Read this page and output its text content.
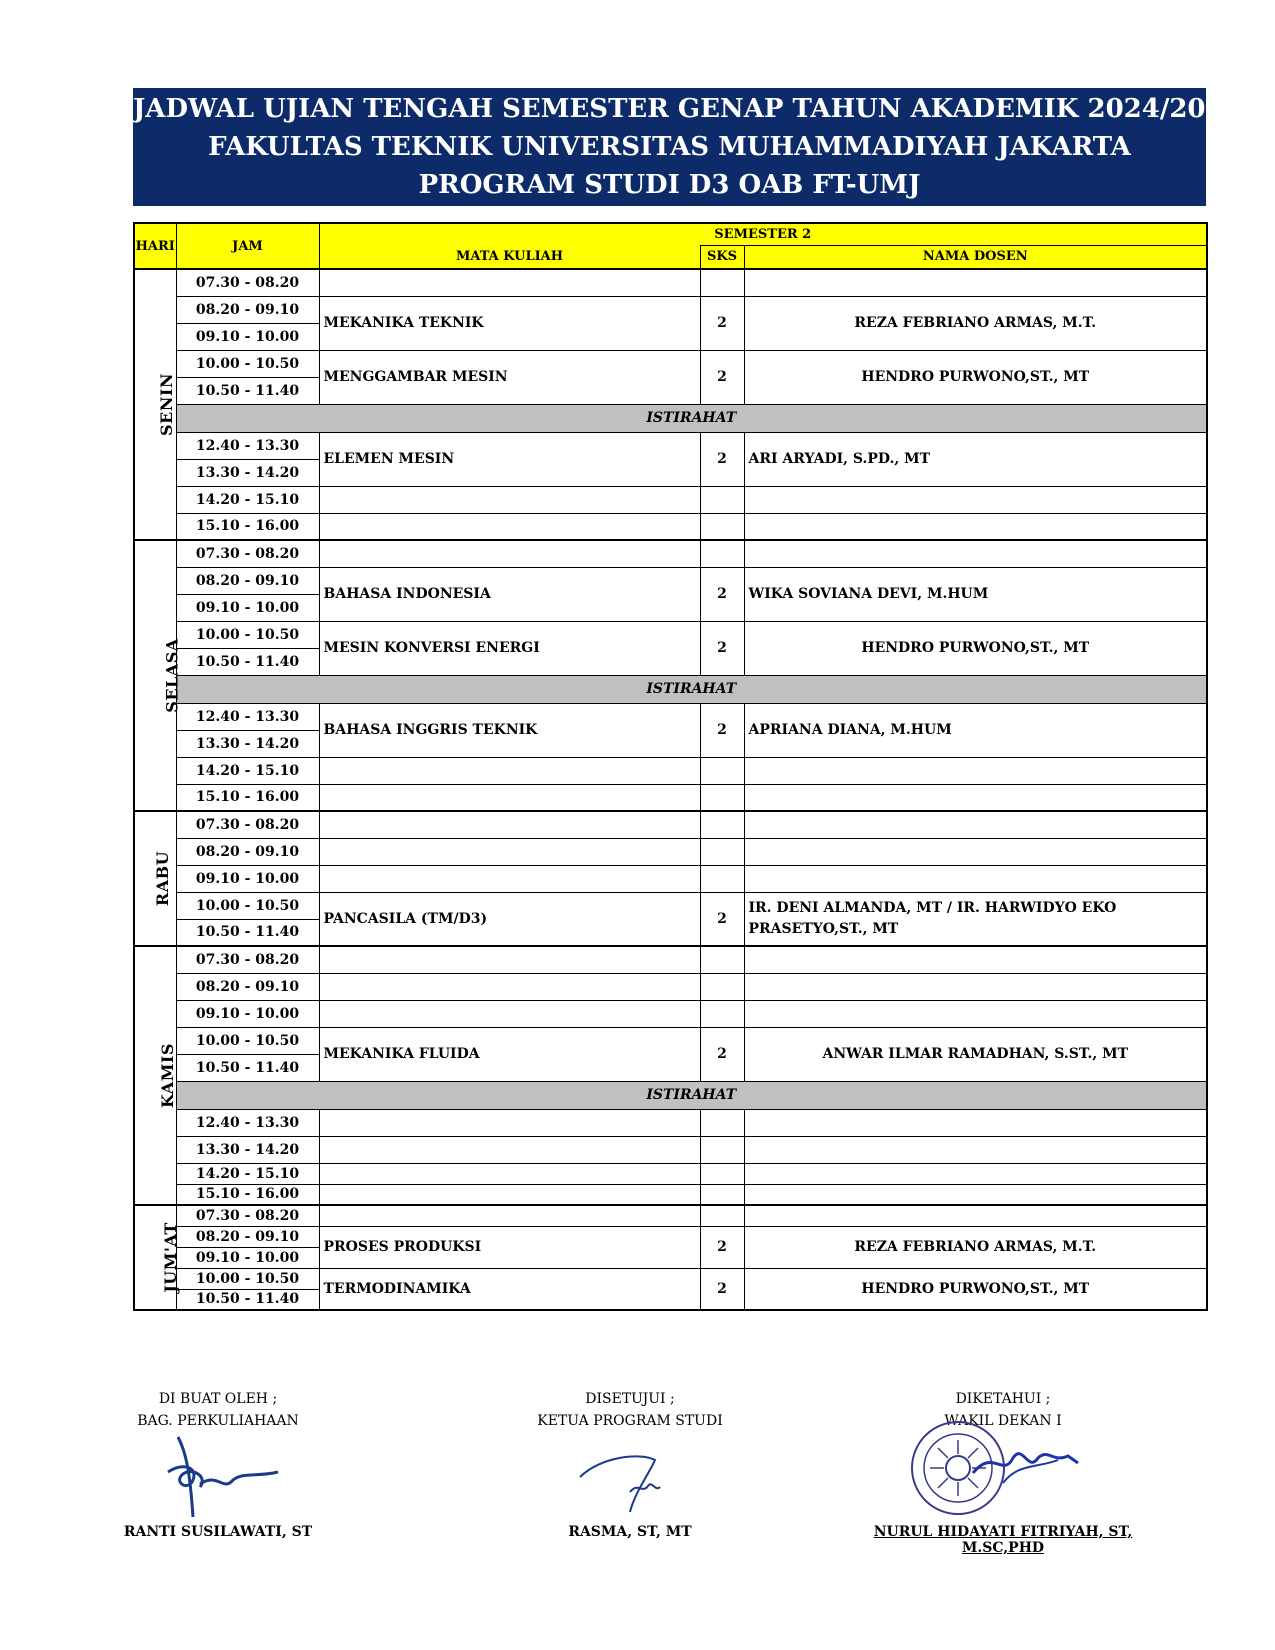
JADWAL UJIAN TENGAH SEMESTER GENAP TAHUN AKADEMIK 2024/2025
FAKULTAS TEKNIK UNIVERSITAS MUHAMMADIYAH JAKARTA
PROGRAM STUDI D3 OAB FT-UMJ
HARI	JAM	SEMESTER 2		
		MATA KULIAH	SKS	NAMA DOSEN
SENIN	07.30 - 08.20			
	08.20 - 09.10	MEKANIKA TEKNIK	2	REZA FEBRIANO ARMAS, M.T.
	09.10 - 10.00			
	10.00 - 10.50	MENGGAMBAR MESIN	2	HENDRO PURWONO,ST., MT
	10.50 - 11.40			
	ISTIRAHAT			
	12.40 - 13.30	ELEMEN MESIN	2	ARI ARYADI, S.PD., MT
	13.30 - 14.20			
	14.20 - 15.10			
	15.10 - 16.00			
SELASA	07.30 - 08.20			
	08.20 - 09.10	BAHASA INDONESIA	2	WIKA SOVIANA DEVI, M.HUM
	09.10 - 10.00			
	10.00 - 10.50	MESIN KONVERSI ENERGI	2	HENDRO PURWONO,ST., MT
	10.50 - 11.40			
	ISTIRAHAT			
	12.40 - 13.30	BAHASA INGGRIS TEKNIK	2	APRIANA DIANA, M.HUM
	13.30 - 14.20			
	14.20 - 15.10			
	15.10 - 16.00			
RABU	07.30 - 08.20			
	08.20 - 09.10			
	09.10 - 10.00			
	10.00 - 10.50	PANCASILA (TM/D3)	2	IR. DENI ALMANDA, MT / IR. HARWIDYO EKO
PRASETYO,ST., MT

	10.50 - 11.40			
KAMIS	07.30 - 08.20			
	08.20 - 09.10			
	09.10 - 10.00			
	10.00 - 10.50	MEKANIKA FLUIDA	2	ANWAR ILMAR RAMADHAN, S.ST., MT
	10.50 - 11.40			
	ISTIRAHAT			
	12.40 - 13.30			
	13.30 - 14.20			
	14.20 - 15.10			
	15.10 - 16.00			
JUM'AT	07.30 - 08.20			
	08.20 - 09.10	PROSES PRODUKSI	2	REZA FEBRIANO ARMAS, M.T.
	09.10 - 10.00			
	10.00 - 10.50	TERMODINAMIKA	2	HENDRO PURWONO,ST., MT
	10.50 - 11.40			
DI BUAT OLEH ;
BAG. PERKULIAHAAN
RANTI SUSILAWATI, ST
DISETUJUI ;
KETUA PROGRAM STUDI
RASMA, ST, MT
DIKETAHUI ;
WAKIL DEKAN I
NURUL HIDAYATI FITRIYAH, ST, M.SC,PHD
